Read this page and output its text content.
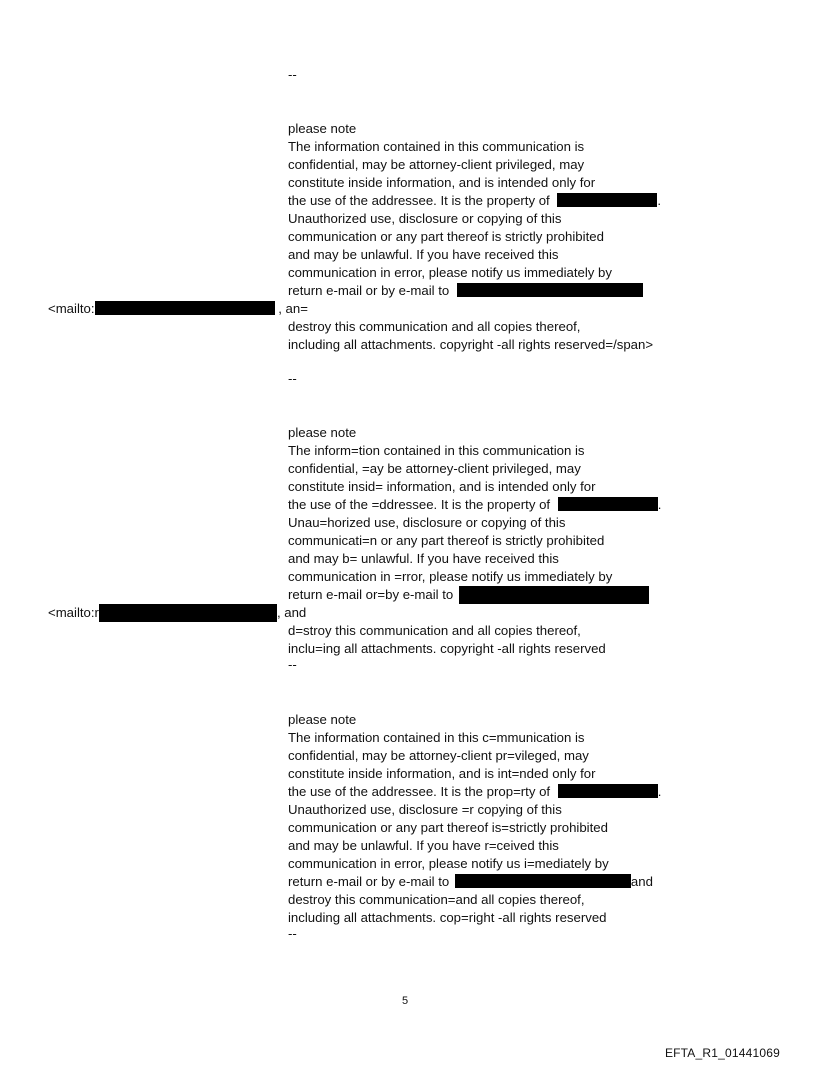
--
please note
The information contained in this communication is
confidential, may be attorney-client privileged, may
constitute inside information, and is intended only for
the use of the addressee. It is the property of	.
Unauthorized use, disclosure or copying of this
communication or any part thereof is strictly prohibited
and may be unlawful. If you have received this
communication in error, please notify us immediately by
return e-mail or by e-mail to
<mailto:	, an=
destroy this communication and all copies thereof,
including all attachments. copyright -all rights reserved=/span>
--
please note
The inform=tion contained in this communication is
confidential, =ay be attorney-client privileged, may
constitute insid= information, and is intended only for
the use of the =ddressee. It is the property of	.
Unau=horized use, disclosure or copying of this
communicati=n or any part thereof is strictly prohibited
and may b= unlawful. If you have received this
communication in =rror, please notify us immediately by
return e-mail or=by e-mail to
<mailto:r	, and
d=stroy this communication and all copies thereof,
inclu=ing all attachments. copyright -all rights reserved
--
please note
The information contained in this c=mmunication is
confidential, may be attorney-client pr=vileged, may
constitute inside information, and is int=nded only for
the use of the addressee. It is the prop=rty of	.
Unauthorized use, disclosure =r copying of this
communication or any part thereof is=strictly prohibited
and may be unlawful. If you have r=ceived this
communication in error, please notify us i=mediately by
return e-mail or by e-mail to	and
destroy this communication=and all copies thereof,
including all attachments. cop=right -all rights reserved
--
5
EFTA_R1_01441069
